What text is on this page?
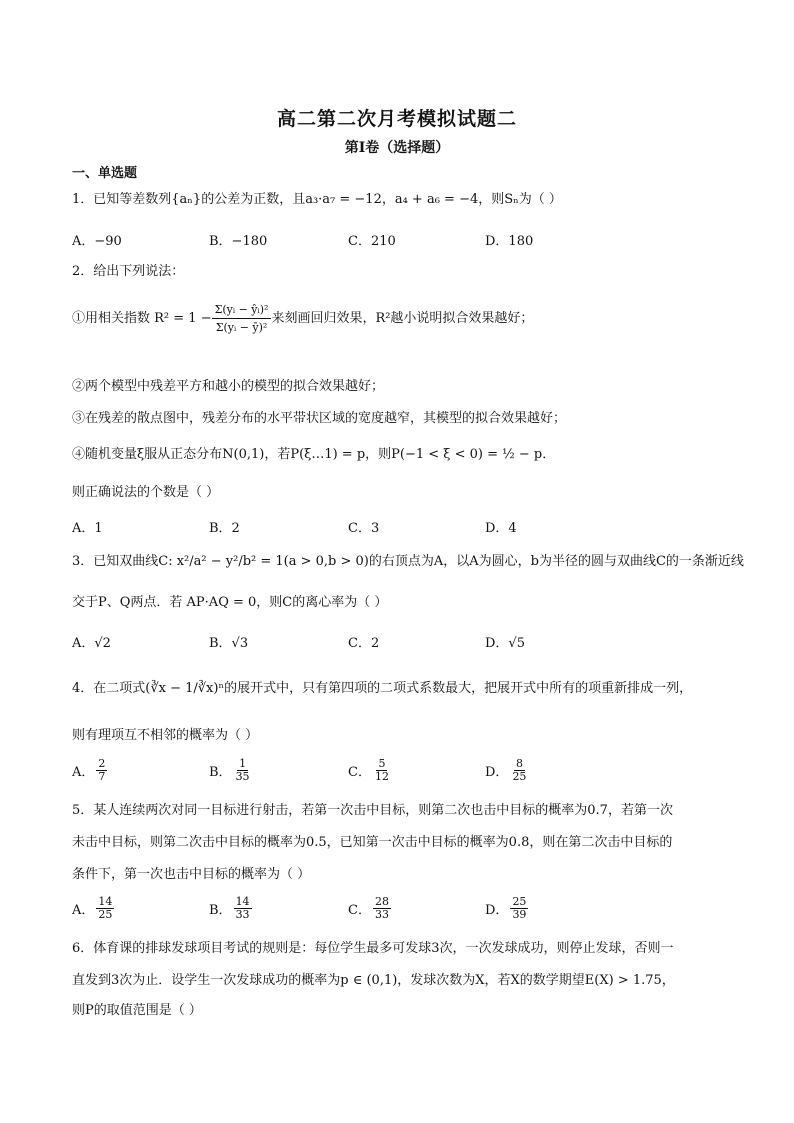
高二第二次月考模拟试题二
第I卷（选择题）
一、单选题
1．已知等差数列{aₙ}的公差为正数，且a₃·a₇ = −12，a₄ + a₆ = −4，则Sₙ为（ ）
A．−90	B．−180	C．210	D．180
2．给出下列说法：
①用相关指数 $R^2 = 1 - \frac{\text{Σ(yᵢ − ŷᵢ)²}}{\text{Σ(yᵢ − ȳ)²}}$ 来刻画回归效果，R²越小说明拟合效果越好；
②两个模型中残差平方和越小的模型的拟合效果越好；
③在残差的散点图中，残差分布的水平带状区域的宽度越窄，其模型的拟合效果越好；
④随机变量ξ服从正态分布N(0,1)，若P(ξ…1) = p，则P(−1 < ξ < 0) = ½ − p．
则正确说法的个数是（ ）
A．1	B．2	C．3	D．4
3．已知双曲线C: x²/a² − y²/b² = 1(a > 0,b > 0)的右顶点为A，以A为圆心，b为半径的圆与双曲线C的一条渐近线
交于P、Q两点．若 AP·AQ = 0，则C的离心率为（ ）
A．√2	B．√3	C．2	D．√5
4．在二项式(∛x − 1/∛x)ⁿ的展开式中，只有第四项的二项式系数最大，把展开式中所有的项重新排成一列，
则有理项互不相邻的概率为（ ）
A． $\frac{2}{7}$	B． $\frac{1}{35}$	C． $\frac{5}{12}$	D． $\frac{8}{25}$
5．某人连续两次对同一目标进行射击，若第一次击中目标，则第二次也击中目标的概率为0.7，若第一次
未击中目标，则第二次击中目标的概率为0.5，已知第一次击中目标的概率为0.8，则在第二次击中目标的
条件下，第一次也击中目标的概率为（ ）
A． $\frac{14}{25}$	B． $\frac{14}{33}$	C． $\frac{28}{33}$	D． $\frac{25}{39}$
6．体育课的排球发球项目考试的规则是：每位学生最多可发球3次，一次发球成功，则停止发球，否则一
直发到3次为止．设学生一次发球成功的概率为p ∈ (0,1)，发球次数为X，若X的数学期望E(X) > 1.75，
则P的取值范围是（ ）
